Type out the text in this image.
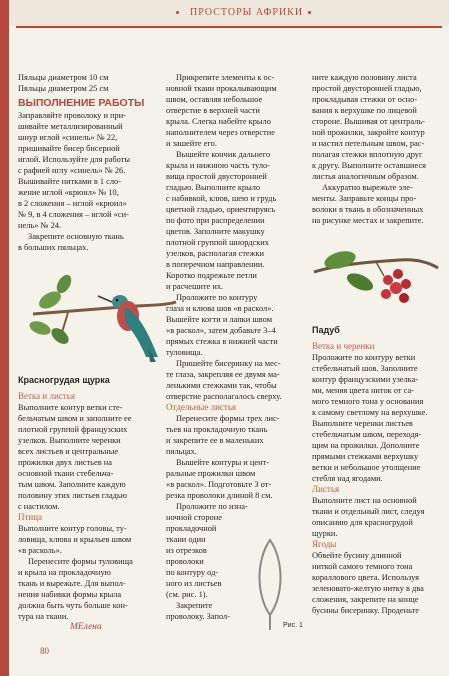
ПРОСТОРЫ АФРИКИ

Пяльцы диаметром 10 см

Пяльцы диаметром 25 см

ВЫПОЛНЕНИЕ РАБОТЫ

Заправляйте проволоку и при-

шивайте металлизированный

шнур иглой «синель» № 22,

пришивайте бисер бисерной

иглой. Используйте для работы

с рафией иглу «синель» № 26.

Вышивайте нитками в 1 сло-

жение иглой «крюил» № 10,

в 2 сложения – иглой «крюил»

№ 9, в 4 сложения – иглой «си-

нель» № 24.

Закрепите основную ткань

в больших пяльцах.

Красногрудая щурка

Ветка и листья

Выполните контур ветки сте-

бельчатым швом и заполните ее

плотной группой французских

узелков. Выполните черенки

всех листьев и центральные

прожилки двух листьев на

основной ткани стебельча-

тым швом. Заполните каждую

половину этих листьев гладью

с настилом.

Птица

Выполните контур головы, ту-

ловища, клюва и крыльев швом

«в расколь».

Перенесите формы туловища

и крыла на прокладочную

ткань и вырежьте. Для выпол-

нения набивки формы крыла

должна быть чуть больше кон-

тура на ткани.

МЕлена

Прикрепите элементы к ос-

новной ткани прокалывающим

швом, оставляя небольшое

отверстие в верхней части

крыла. Слегка набейте крыло

наполнителем через отверстие

и зашейте его.

Вышейте кончик дальнего

крыла и нижнюю часть туло-

вища простой двусторонней

гладью. Выполните крыло

с набивкой, клюв, шею и грудь

цветной гладью, ориентируясь

по фото при распределении

цветов. Заполните макушку

плотной группой шнордских

узелков, располагая стежки

в поперечном направлении.

Коротко подрежьте петли

и расчешите их.

Проложите по контуру

глаза и клюва шов «в раскол».

Вышейте когти и лапки швом

«в раскол», затем добавьте 3–4

прямых стежка в нижней части

туловища.

Пришейте бисеринку на мес-

те глаза, закрепляя ее двумя ма-

ленькими стежками так, чтобы

отверстие располагалось сверху.

Отдельные листья

Перенесите формы трех лис-

тьев на прокладочную ткань

и закрепите ее в маленьких

пяльцах.

Вышейте контуры и цент-

ральные прожилки швом

«в раскол». Подготовьте 3 от-

резка проволоки длиной 8 см.

Проложите по изна-

ночной стороне

прокладочной

ткани один

из отрезков

проволоки

по контуру од-

ного из листьев

(см. рис. 1).

Закрепите

проволоку. Запол-

Рис. 1

ните каждую половину листа

простой двусторонней гладью,

прокладывая стежки от осно-

вания к верхушке по лицевой

стороне. Вышивая от централь-

ной прожилки, закройте контур

и настил петельным швом, рас-

полагая стежки вплотную друг

к другу. Выполните оставшиеся

листья аналогичным образом.

Аккуратно вырежьте эле-

менты. Заправьте концы про-

волоки в ткань в обозначенных

на рисунке местах и закрепите.

Падуб

Ветка и черенки

Проложите по контуру ветки

стебельчатый шов. Заполните

контур французскими узелка-

ми, меняя цвета ниток от са-

мого темного тона у основания

к самому светлому на верхушке.

Выполните черенки листьев

стебельчатым швом, переходя-

щим на прожилки. Дополните

прямыми стежками верхушку

ветки и небольшое утолщение

стебля над ягодами.

Листья

Выполните лист на основной

ткани и отдельный лист, следуя

описанию для красногрудой

щурки.

Ягоды

Обвейте бусину длинной

ниткой самого темного тона

кораллового цвета. Используя

зеленовато-желтую нитку в два

сложения, закрепите на конце

бусины бисеринку. Проденьте

80
